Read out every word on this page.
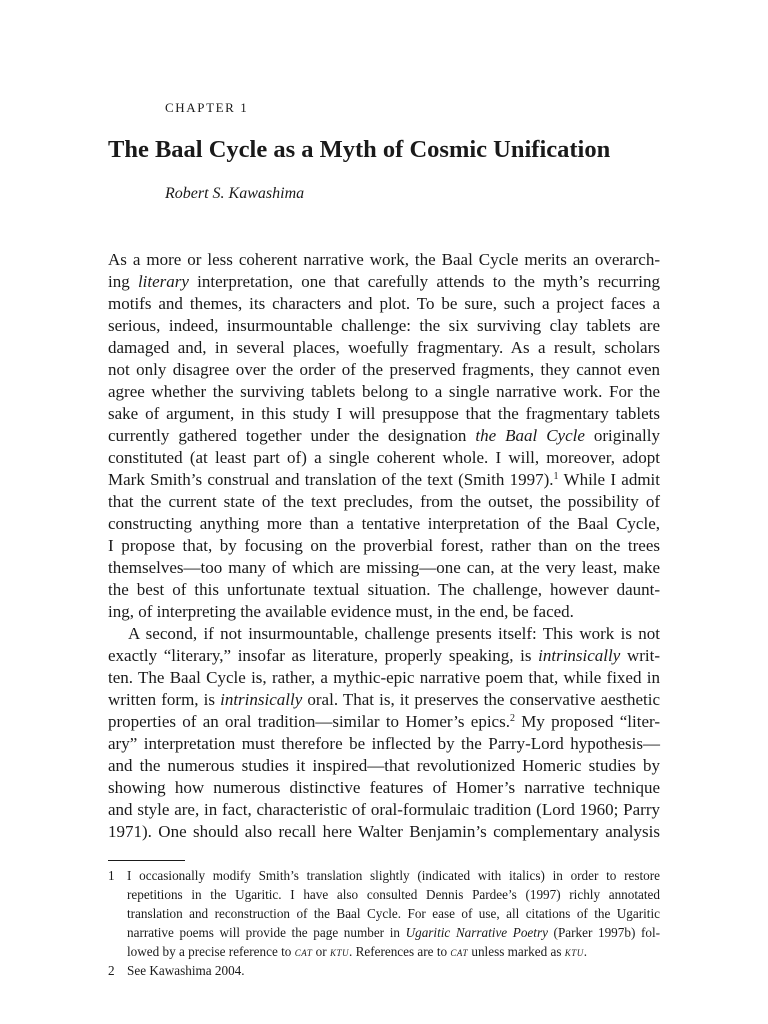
CHAPTER 1
The Baal Cycle as a Myth of Cosmic Unification
Robert S. Kawashima
As a more or less coherent narrative work, the Baal Cycle merits an overarch-
ing literary interpretation, one that carefully attends to the myth’s recurring
motifs and themes, its characters and plot. To be sure, such a project faces a
serious, indeed, insurmountable challenge: the six surviving clay tablets are
damaged and, in several places, woefully fragmentary. As a result, scholars
not only disagree over the order of the preserved fragments, they cannot even
agree whether the surviving tablets belong to a single narrative work. For the
sake of argument, in this study I will presuppose that the fragmentary tablets
currently gathered together under the designation the Baal Cycle originally
constituted (at least part of) a single coherent whole. I will, moreover, adopt
Mark Smith’s construal and translation of the text (Smith 1997).$^1$ While I admit
that the current state of the text precludes, from the outset, the possibility of
constructing anything more than a tentative interpretation of the Baal Cycle,
I propose that, by focusing on the proverbial forest, rather than on the trees
themselves—too many of which are missing—one can, at the very least, make
the best of this unfortunate textual situation. The challenge, however daunt-
ing, of interpreting the available evidence must, in the end, be faced.
A second, if not insurmountable, challenge presents itself: This work is not
exactly “literary,” insofar as literature, properly speaking, is intrinsically writ-
ten. The Baal Cycle is, rather, a mythic-epic narrative poem that, while fixed in
written form, is intrinsically oral. That is, it preserves the conservative aesthetic
properties of an oral tradition—similar to Homer’s epics.$^2$ My proposed “liter-
ary” interpretation must therefore be inflected by the Parry-Lord hypothesis—
and the numerous studies it inspired—that revolutionized Homeric studies by
showing how numerous distinctive features of Homer’s narrative technique
and style are, in fact, characteristic of oral-formulaic tradition (Lord 1960; Parry
1971). One should also recall here Walter Benjamin’s complementary analysis
1 I occasionally modify Smith’s translation slightly (indicated with italics) in order to restore
repetitions in the Ugaritic. I have also consulted Dennis Pardee’s (1997) richly annotated
translation and reconstruction of the Baal Cycle. For ease of use, all citations of the Ugaritic
narrative poems will provide the page number in Ugaritic Narrative Poetry (Parker 1997b) fol-
lowed by a precise reference to cat or ktu. References are to cat unless marked as ktu.
2 See Kawashima 2004.
